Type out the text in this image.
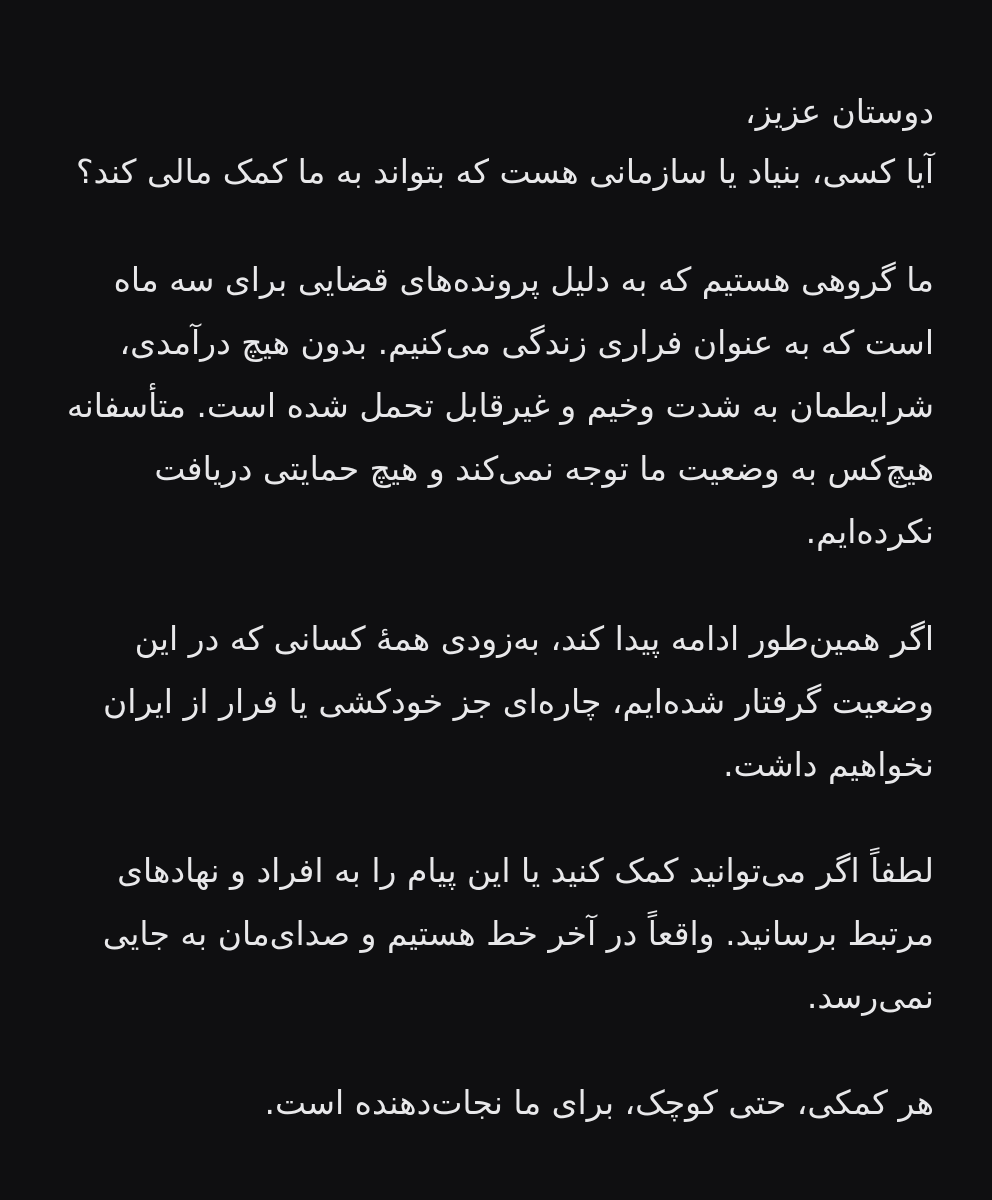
دوستان عزیز،
آیا کسی، بنیاد یا سازمانی هست که بتواند به ما کمک مالی کند؟
ما گروهی هستیم که به دلیل پرونده‌های قضایی برای سه ماه
است که به عنوان فراری زندگی می‌کنیم. بدون هیچ درآمدی،
شرایطمان به شدت وخیم و غیرقابل تحمل شده است. متأسفانه
هیچ‌کس به وضعیت ما توجه نمی‌کند و هیچ حمایتی دریافت
نکرده‌ایم.
اگر همین‌طور ادامه پیدا کند، به‌زودی همهٔ کسانی که در این
وضعیت گرفتار شده‌ایم، چاره‌ای جز خودکشی یا فرار از ایران
نخواهیم داشت.
لطفاً اگر می‌توانید کمک کنید یا این پیام را به افراد و نهادهای
مرتبط برسانید. واقعاً در آخر خط هستیم و صدای‌مان به جایی
نمی‌رسد.
هر کمکی، حتی کوچک، برای ما نجات‌دهنده است.
